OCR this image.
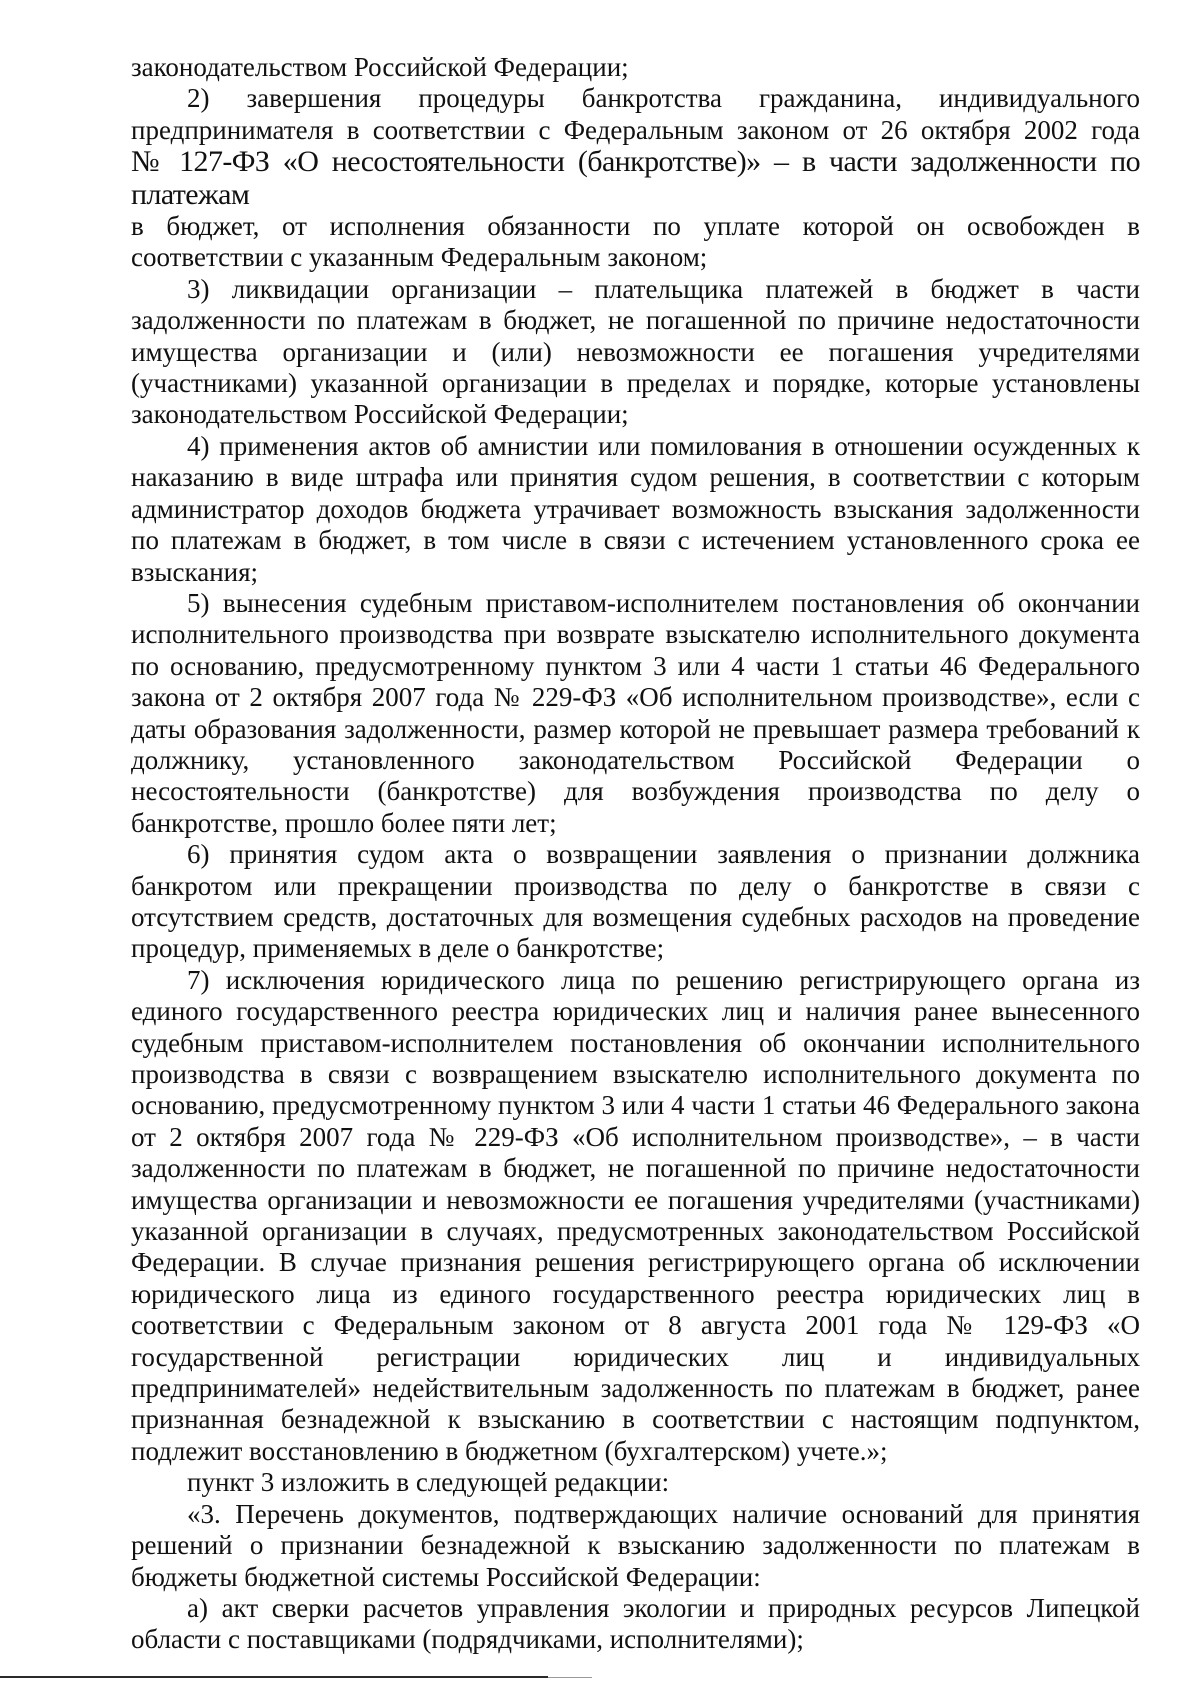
законодательством Российской Федерации;

2) завершения процедуры банкротства гражданина, индивидуального предпринимателя в соответствии с Федеральным законом от 26 октября 2002 года

№ 127-ФЗ «О несостоятельности (банкротстве)» – в части задолженности по платежам

в бюджет, от исполнения обязанности по уплате которой он освобожден в соответствии с указанным Федеральным законом;

3) ликвидации организации – плательщика платежей в бюджет в части задолженности по платежам в бюджет, не погашенной по причине недостаточности имущества организации и (или) невозможности ее погашения учредителями (участниками) указанной организации в пределах и порядке, которые установлены законодательством Российской Федерации;

4) применения актов об амнистии или помилования в отношении осужденных к наказанию в виде штрафа или принятия судом решения, в соответствии с которым администратор доходов бюджета утрачивает возможность взыскания задолженности по платежам в бюджет, в том числе в связи с истечением установленного срока ее взыскания;

5) вынесения судебным приставом-исполнителем постановления об окончании исполнительного производства при возврате взыскателю исполнительного документа по основанию, предусмотренному пунктом 3 или 4 части 1 статьи 46 Федерального закона от 2 октября 2007 года № 229-ФЗ «Об исполнительном производстве», если с даты образования задолженности, размер которой не превышает размера требований к должнику, установленного законодательством Российской Федерации о несостоятельности (банкротстве) для возбуждения производства по делу о банкротстве, прошло более пяти лет;

6) принятия судом акта о возвращении заявления о признании должника банкротом или прекращении производства по делу о банкротстве в связи с отсутствием средств, достаточных для возмещения судебных расходов на проведение процедур, применяемых в деле о банкротстве;

7) исключения юридического лица по решению регистрирующего органа из единого государственного реестра юридических лиц и наличия ранее вынесенного судебным приставом-исполнителем постановления об окончании исполнительного производства в связи с возвращением взыскателю исполнительного документа по основанию, предусмотренному пунктом 3 или 4 части 1 статьи 46 Федерального закона от 2 октября 2007 года № 229-ФЗ «Об исполнительном производстве», – в части задолженности по платежам в бюджет, не погашенной по причине недостаточности имущества организации и невозможности ее погашения учредителями (участниками) указанной организации в случаях, предусмотренных законодательством Российской Федерации. В случае признания решения регистрирующего органа об исключении юридического лица из единого государственного реестра юридических лиц в соответствии с Федеральным законом от 8 августа 2001 года № 129-ФЗ «О государственной регистрации юридических лиц и индивидуальных предпринимателей» недействительным задолженность по платежам в бюджет, ранее признанная безнадежной к взысканию в соответствии с настоящим подпунктом, подлежит восстановлению в бюджетном (бухгалтерском) учете.»;

пункт 3 изложить в следующей редакции:

«3. Перечень документов, подтверждающих наличие оснований для принятия решений о признании безнадежной к взысканию задолженности по платежам в бюджеты бюджетной системы Российской Федерации:

а) акт сверки расчетов управления экологии и природных ресурсов Липецкой области с поставщиками (подрядчиками, исполнителями);
